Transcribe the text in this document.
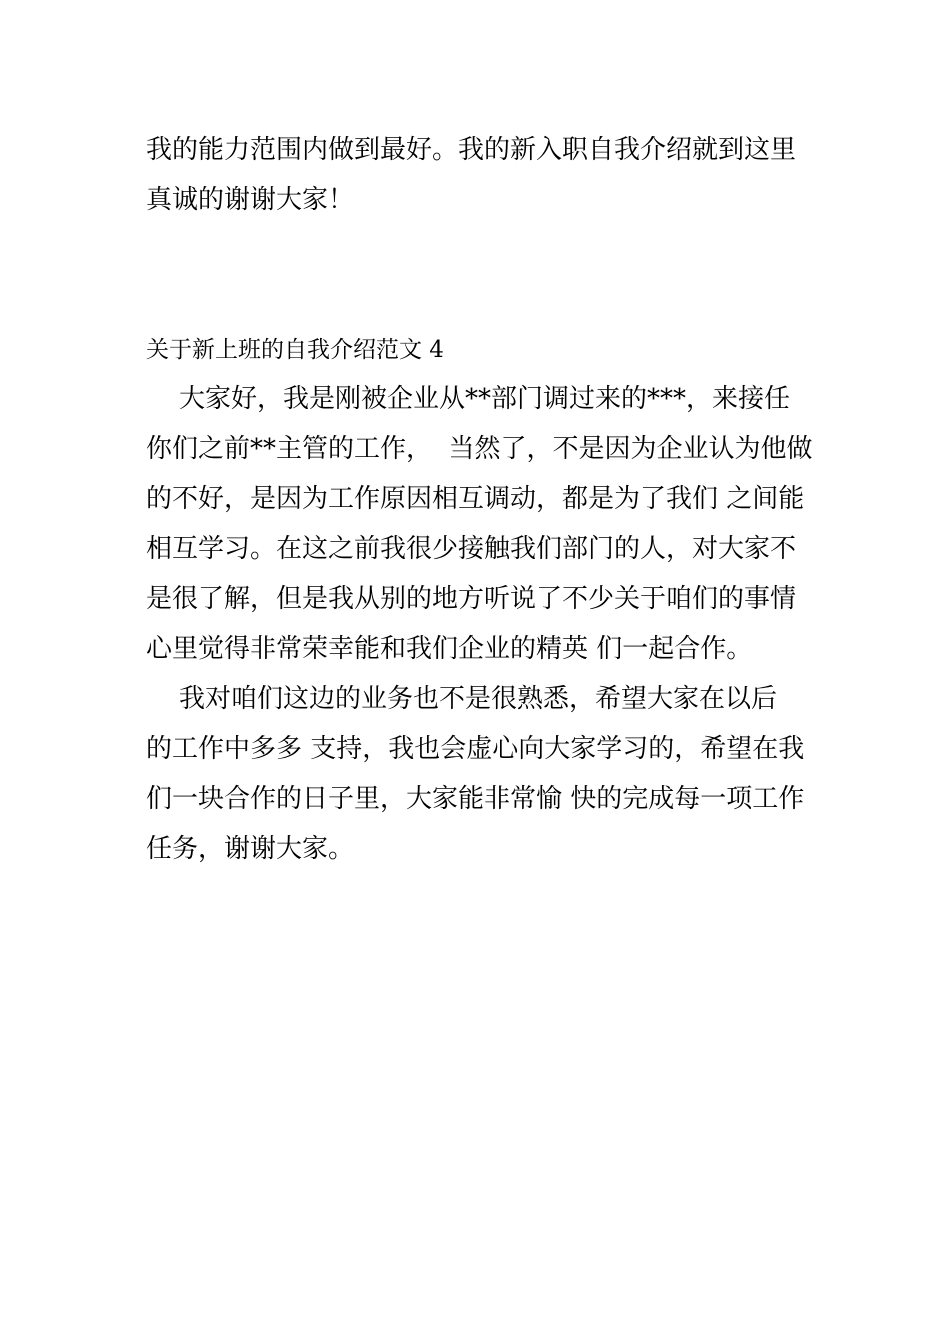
我的能力范围内做到最好。我的新入职自我介绍就到这里
真诚的谢谢大家！
关于新上班的自我介绍范文 4
大家好，我是刚被企业从**部门调过来的***，来接任
你们之前**主管的工作，  当然了，不是因为企业认为他做
的不好，是因为工作原因相互调动，都是为了我们 之间能
相互学习。在这之前我很少接触我们部门的人，对大家不
是很了解，但是我从别的地方听说了不少关于咱们的事情
心里觉得非常荣幸能和我们企业的精英 们一起合作。
我对咱们这边的业务也不是很熟悉，希望大家在以后
的工作中多多 支持，我也会虚心向大家学习的，希望在我
们一块合作的日子里，大家能非常愉 快的完成每一项工作
任务，谢谢大家。
